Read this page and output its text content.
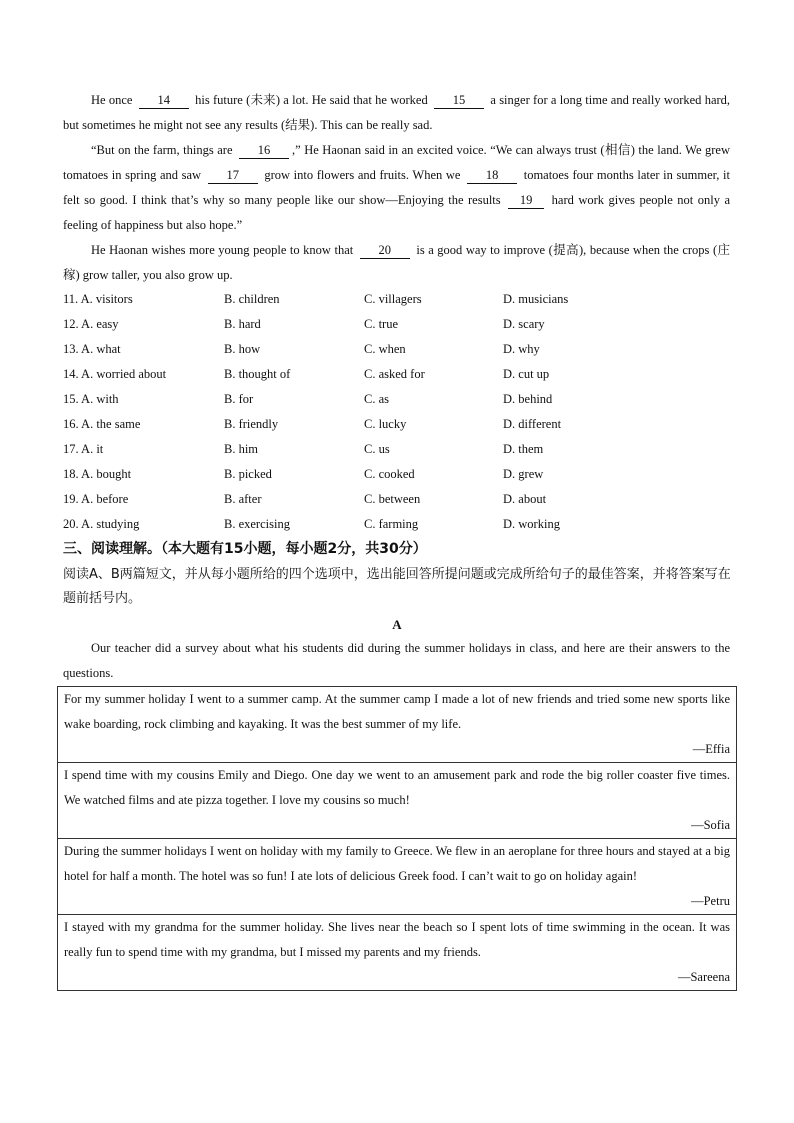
He once 14 his future (未来) a lot. He said that he worked 15 a singer for a long time and really worked hard, but sometimes he might not see any results (结果). This can be really sad.

“But on the farm, things are 16 ,” He Haonan said in an excited voice. “We can always trust (相信) the land. We grew tomatoes in spring and saw 17 grow into flowers and fruits. When we 18 tomatoes four months later in summer, it felt so good. I think that’s why so many people like our show—Enjoying the results 19 hard work gives people not only a feeling of happiness but also hope.”

He Haonan wishes more young people to know that 20 is a good way to improve (提高), because when the crops (庄稼) grow taller, you also grow up.

11. A. visitors	B. children	C. villagers	D. musicians
12. A. easy	B. hard	C. true	D. scary
13. A. what	B. how	C. when	D. why
14. A. worried about	B. thought of	C. asked for	D. cut up
15. A. with	B. for	C. as	D. behind
16. A. the same	B. friendly	C. lucky	D. different
17. A. it	B. him	C. us	D. them
18. A. bought	B. picked	C. cooked	D. grew
19. A. before	B. after	C. between	D. about
20. A. studying	B. exercising	C. farming	D. working
三、阅读理解。（本大题有15小题，每小题2分，共30分）
阅读A、B两篇短文，并从每小题所给的四个选项中，选出能回答所提问题或完成所给句子的最佳答案，并将答案写在题前括号内。
A

Our teacher did a survey about what his students did during the summer holidays in class, and here are their answers to the questions.

For my summer holiday I went to a summer camp. At the summer camp I made a lot of new friends and tried some new sports like wake boarding, rock climbing and kayaking. It was the best summer of my life.
—Effia
I spend time with my cousins Emily and Diego. One day we went to an amusement park and rode the big roller coaster five times. We watched films and ate pizza together. I love my cousins so much!
—Sofia
During the summer holidays I went on holiday with my family to Greece. We flew in an aeroplane for three hours and stayed at a big hotel for half a month. The hotel was so fun! I ate lots of delicious Greek food. I can’t wait to go on holiday again!
—Petru
I stayed with my grandma for the summer holiday. She lives near the beach so I spent lots of time swimming in the ocean. It was really fun to spend time with my grandma, but I missed my parents and my friends.
—Sareena
